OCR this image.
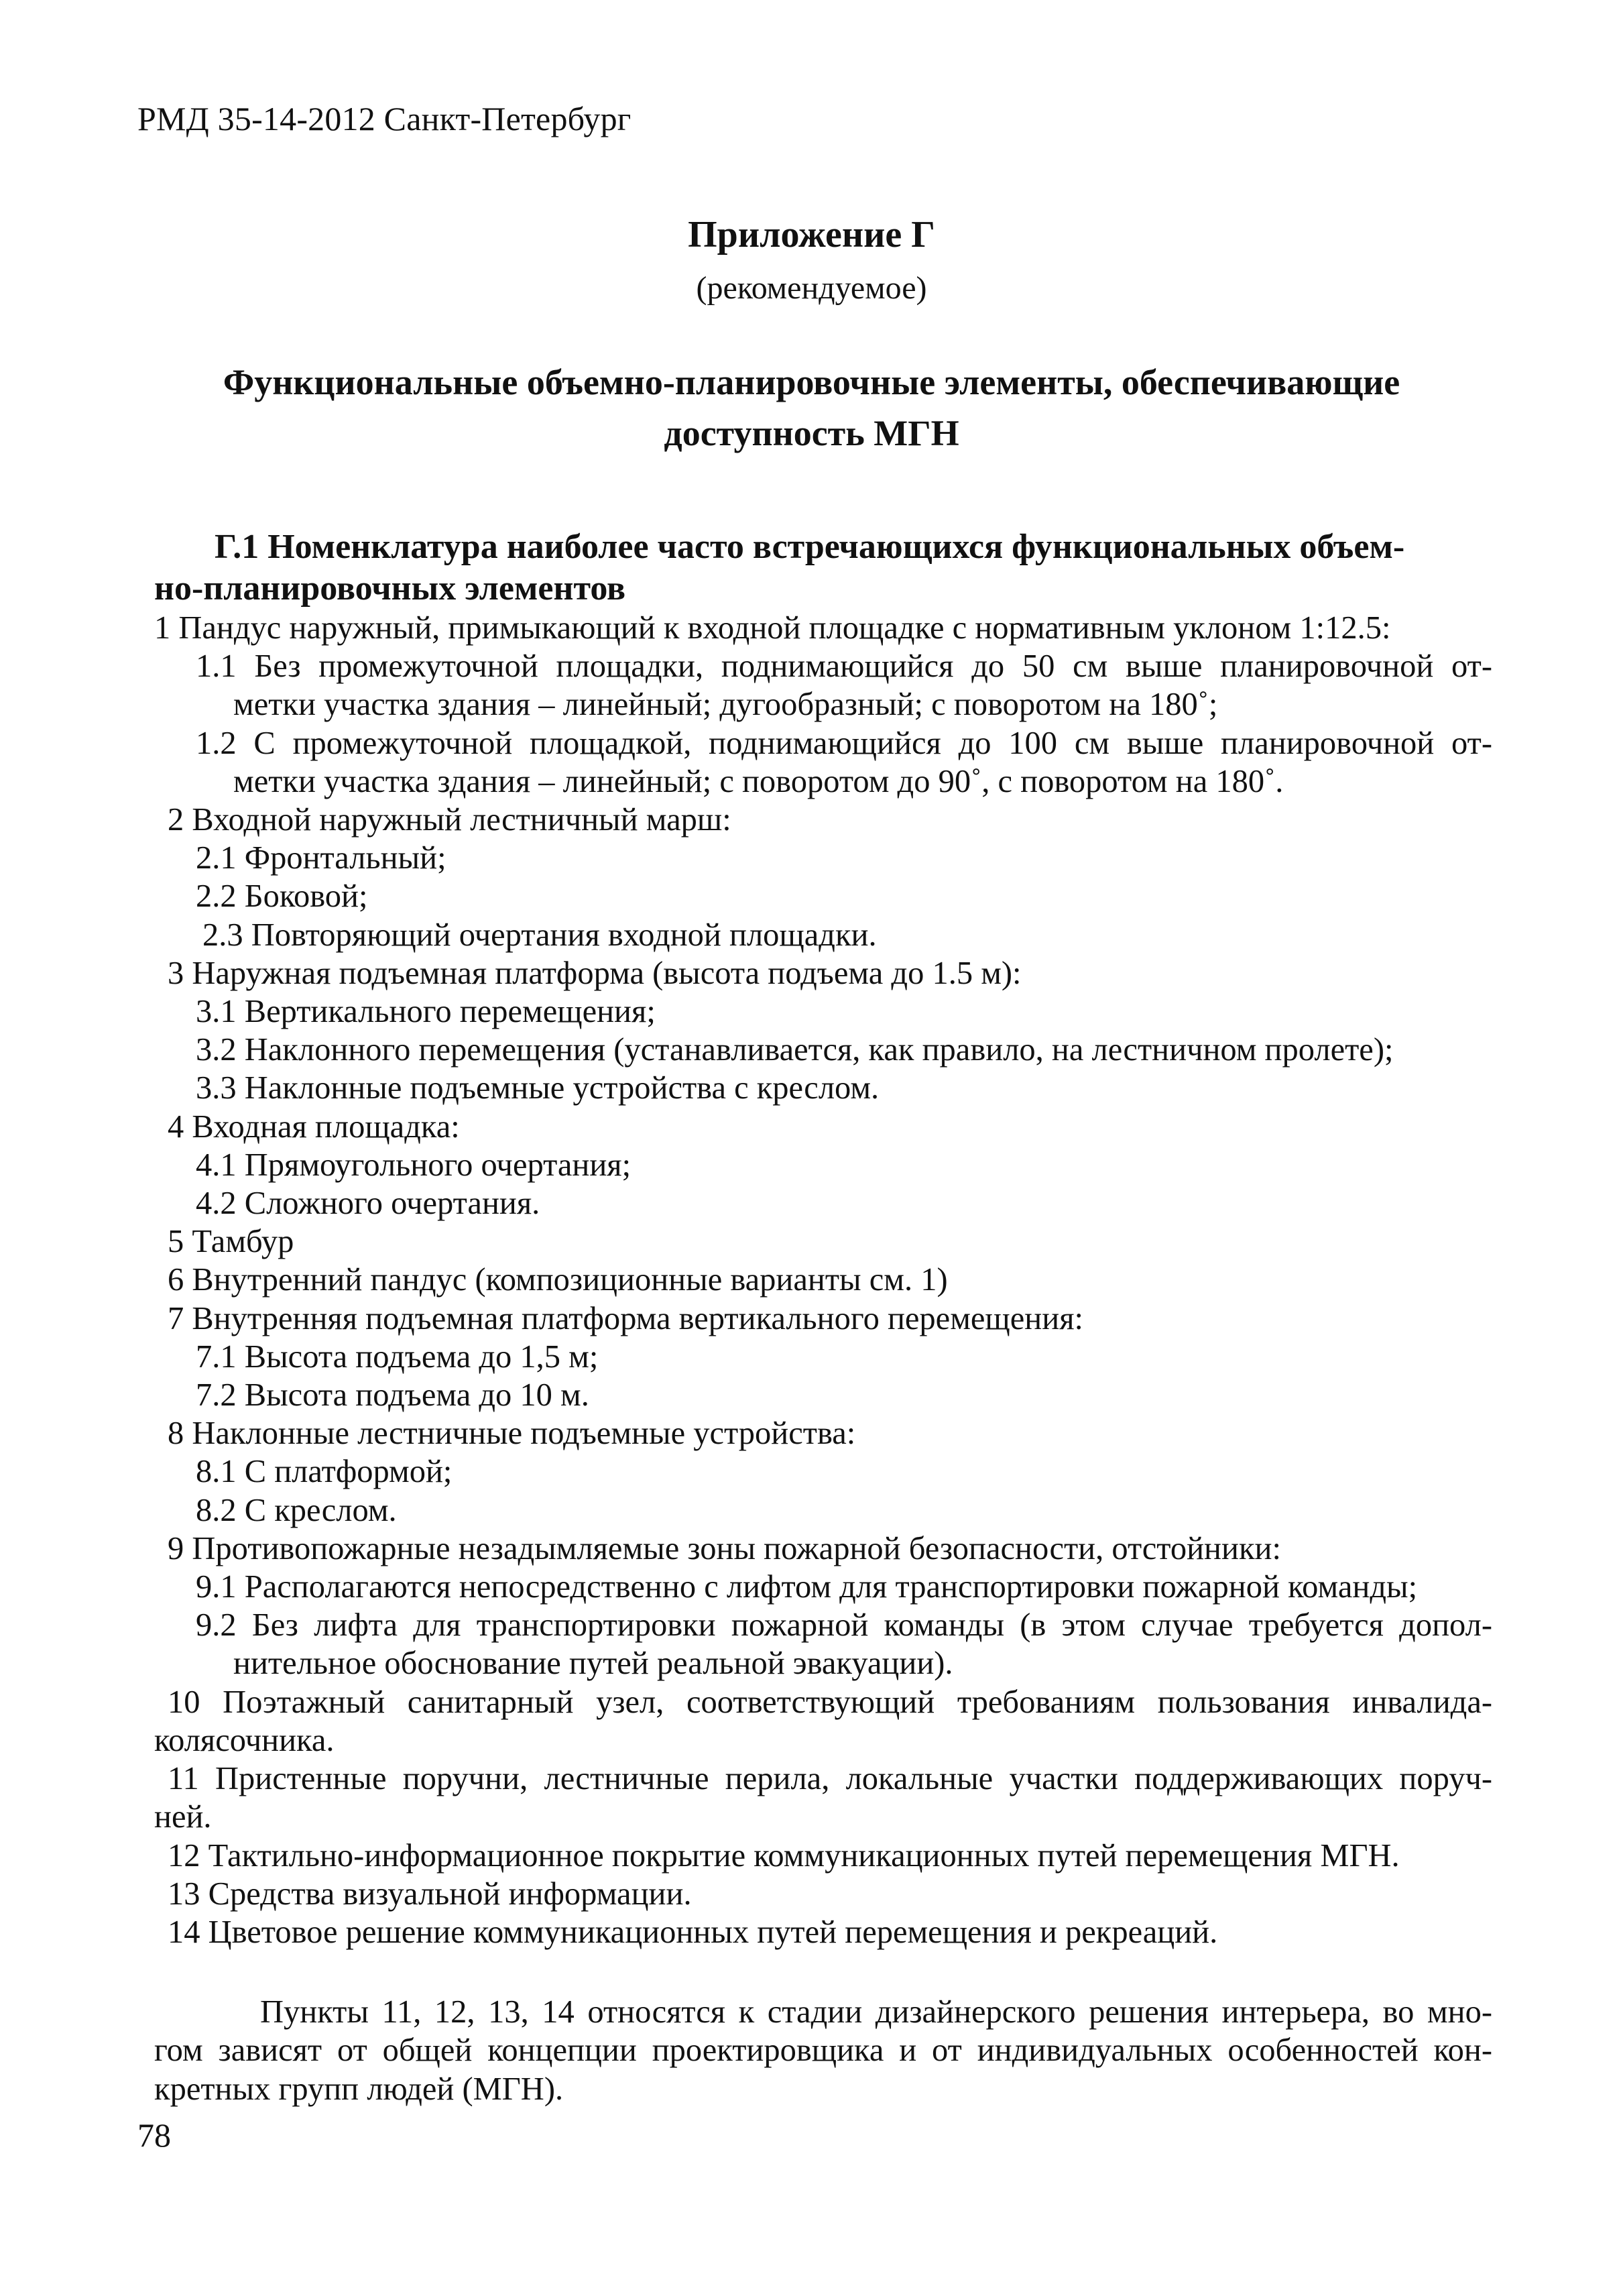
РМД 35-14-2012 Санкт-Петербург
Приложение Г
(рекомендуемое)
Функциональные объемно-планировочные элементы, обеспечивающие
доступность МГН
Г.1 Номенклатура наиболее часто встречающихся функциональных объем-
но-планировочных элементов
1 Пандус наружный, примыкающий к входной площадке с нормативным уклоном 1:12.5:
1.1 Без промежуточной площадки, поднимающийся до 50 см выше планировочной от-
метки участка здания – линейный; дугообразный; с поворотом на 180˚;
1.2 С промежуточной площадкой, поднимающийся до 100 см выше планировочной от-
метки участка здания – линейный; с поворотом до 90˚, с поворотом на 180˚.
2 Входной наружный лестничный марш:
2.1 Фронтальный;
2.2 Боковой;
2.3 Повторяющий очертания входной площадки.
3 Наружная подъемная платформа (высота подъема до 1.5 м):
3.1 Вертикального перемещения;
3.2 Наклонного перемещения (устанавливается, как правило, на лестничном пролете);
3.3 Наклонные подъемные устройства с креслом.
4 Входная площадка:
4.1 Прямоугольного очертания;
4.2 Сложного очертания.
5 Тамбур
6 Внутренний пандус (композиционные варианты см. 1)
7 Внутренняя подъемная платформа вертикального перемещения:
7.1 Высота подъема до 1,5 м;
7.2 Высота подъема до 10 м.
8 Наклонные лестничные подъемные устройства:
8.1 С платформой;
8.2 С креслом.
9 Противопожарные незадымляемые зоны пожарной безопасности, отстойники:
9.1 Располагаются непосредственно с лифтом для транспортировки пожарной команды;
9.2 Без лифта для транспортировки пожарной команды (в этом случае требуется допол-
нительное обоснование путей реальной эвакуации).
10 Поэтажный санитарный узел, соответствующий требованиям пользования инвалида-
колясочника.
11 Пристенные поручни, лестничные перила, локальные участки поддерживающих поруч-
ней.
12 Тактильно-информационное покрытие коммуникационных путей перемещения МГН.
13 Средства визуальной информации.
14 Цветовое решение коммуникационных путей перемещения и рекреаций.
Пункты 11, 12, 13, 14 относятся к стадии дизайнерского решения интерьера, во мно-
гом зависят от общей концепции проектировщика и от индивидуальных особенностей кон-
кретных групп людей (МГН).
78
